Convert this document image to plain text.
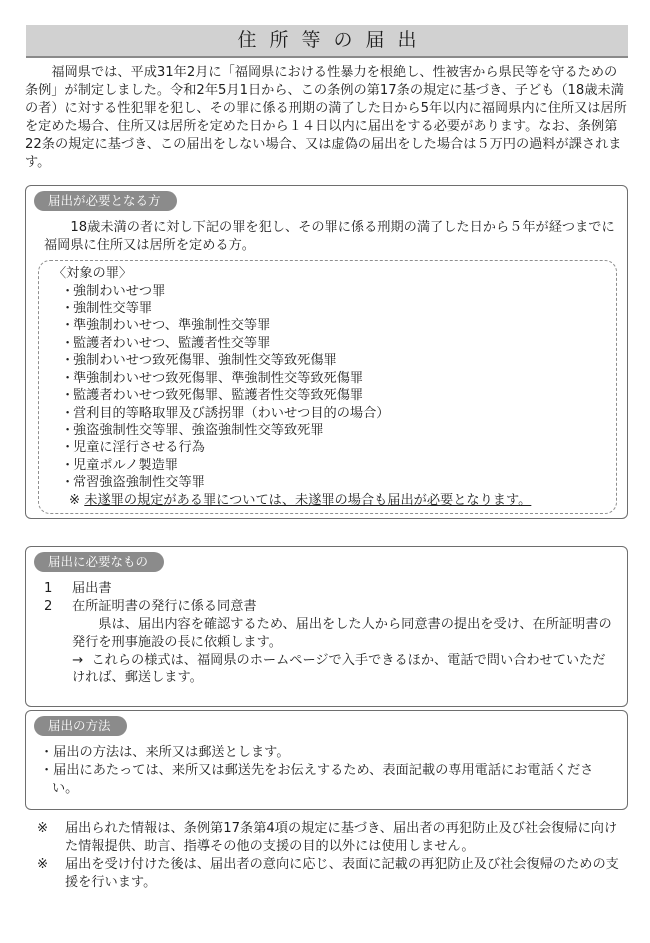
住所等の届出

福岡県では、平成31年2月に「福岡県における性暴力を根絶し、性被害から県民等を守るための条例」が制定しました。令和2年5月1日から、この条例の第17条の規定に基づき、子ども（18歳未満の者）に対する性犯罪を犯し、その罪に係る刑期の満了した日から5年以内に福岡県内に住所又は居所を定めた場合、住所又は居所を定めた日から１４日以内に届出をする必要があります。なお、条例第22条の規定に基づき、この届出をしない場合、又は虚偽の届出をした場合は５万円の過料が課されます。

届出が必要となる方

18歳未満の者に対し下記の罪を犯し、その罪に係る刑期の満了した日から５年が経つまでに福岡県に住所又は居所を定める方。

〈対象の罪〉

・強制わいせつ罪
・強制性交等罪
・準強制わいせつ、準強制性交等罪
・監護者わいせつ、監護者性交等罪
・強制わいせつ致死傷罪、強制性交等致死傷罪
・準強制わいせつ致死傷罪、準強制性交等致死傷罪
・監護者わいせつ致死傷罪、監護者性交等致死傷罪
・営利目的等略取罪及び誘拐罪（わいせつ目的の場合）
・強盗強制性交等罪、強盗強制性交等致死罪
・児童に淫行させる行為
・児童ポルノ製造罪
・常習強盗強制性交等罪

※ 未遂罪の規定がある罪については、未遂罪の場合も届出が必要となります。

届出に必要なもの

1 届出書

2 在所証明書の発行に係る同意書

県は、届出内容を確認するため、届出をした人から同意書の提出を受け、在所証明書の発行を刑事施設の長に依頼します。

→ これらの様式は、福岡県のホームページで入手できるほか、電話で問い合わせていただければ、郵送します。

届出の方法
・届出の方法は、来所又は郵送とします。
・届出にあたっては、来所又は郵送先をお伝えするため、表面記載の専用電話にお電話ください。

※ 届出られた情報は、条例第17条第4項の規定に基づき、届出者の再犯防止及び社会復帰に向けた情報提供、助言、指導その他の支援の目的以外には使用しません。

※ 届出を受け付けた後は、届出者の意向に応じ、表面に記載の再犯防止及び社会復帰のための支援を行います。
